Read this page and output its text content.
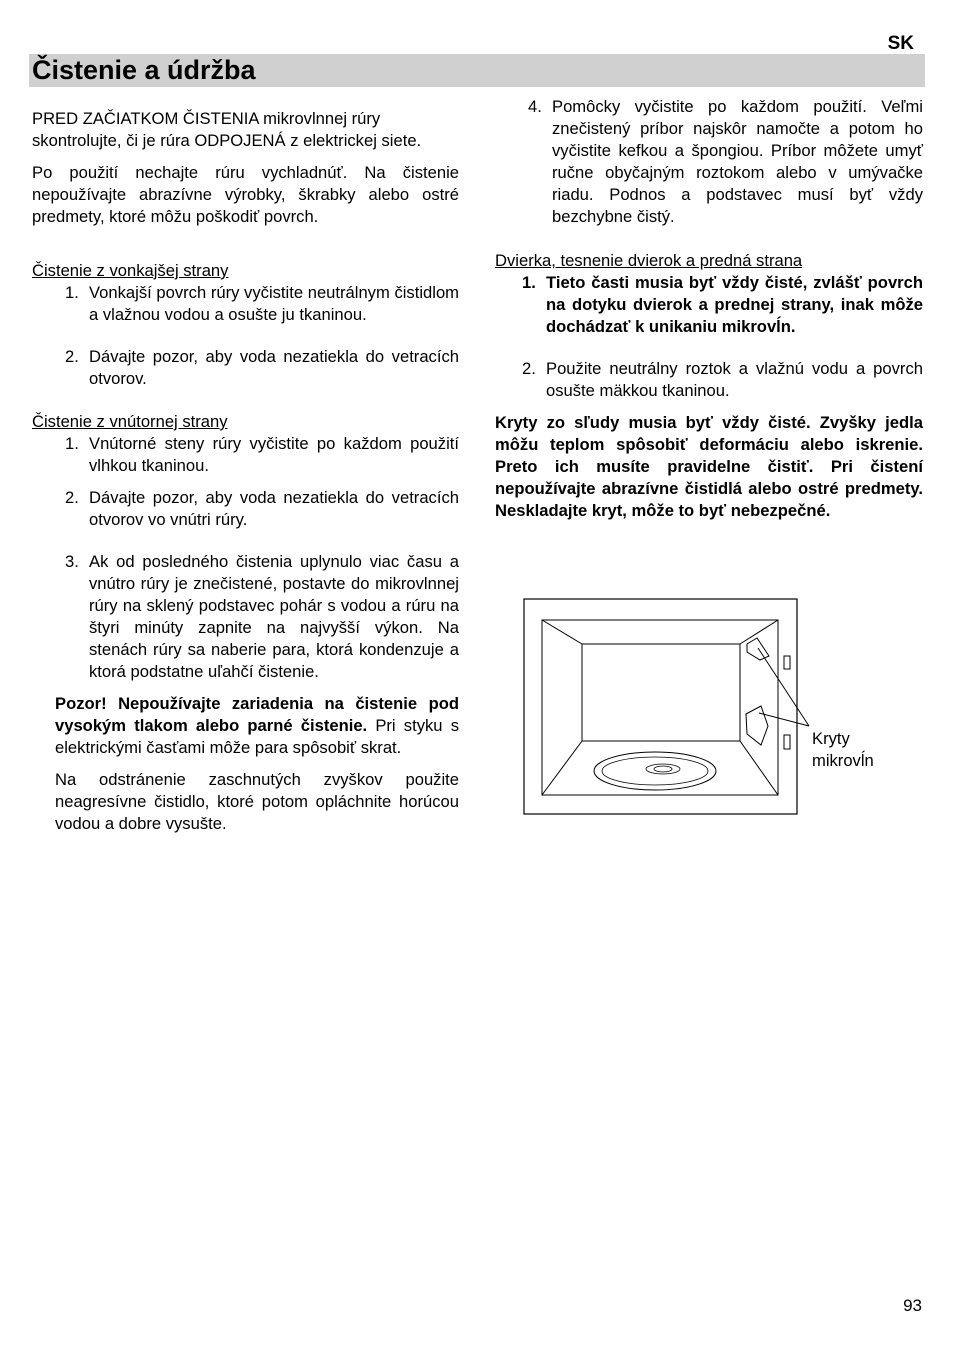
SK
Čistenie a údržba

PRED ZAČIATKOM ČISTENIA mikrovlnnej rúry skontrolujte, či je rúra ODPOJENÁ z elektrickej siete.

Po použití nechajte rúru vychladnúť. Na čistenie nepoužívajte abrazívne výrobky, škrabky alebo ostré predmety, ktoré môžu poškodiť povrch.

Čistenie z vonkajšej strany

1. Vonkajší povrch rúry vyčistite neutrálnym čistidlom a vlažnou vodou a osušte ju tkaninou.
2. Dávajte pozor, aby voda nezatiekla do vetracích otvorov.

Čistenie z vnútornej strany

1. Vnútorné steny rúry vyčistite po každom použití vlhkou tkaninou.
2. Dávajte pozor, aby voda nezatiekla do vetracích otvorov vo vnútri rúry.
3. Ak od posledného čistenia uplynulo viac času a vnútro rúry je znečistené, postavte do mikrovlnnej rúry na sklený podstavec pohár s vodou a rúru na štyri minúty zapnite na najvyšší výkon. Na stenách rúry sa naberie para, ktorá kondenzuje a ktorá podstatne uľahčí čistenie.

Pozor! Nepoužívajte zariadenia na čistenie pod vysokým tlakom alebo parné čistenie. Pri styku s elektrickými časťami môže para spôsobiť skrat.

Na odstránenie zaschnutých zvyškov použite neagresívne čistidlo, ktoré potom opláchnite horúcou vodou a dobre vysušte.

4. Pomôcky vyčistite po každom použití. Veľmi znečistený príbor najskôr namočte a potom ho vyčistite kefkou a špongiou. Príbor môžete umyť ručne obyčajným roztokom alebo v umývačke riadu. Podnos a podstavec musí byť vždy bezchybne čistý.

Dvierka, tesnenie dvierok a predná strana

1. Tieto časti musia byť vždy čisté, zvlášť povrch na dotyku dvierok a prednej strany, inak môže dochádzať k unikaniu mikrovĺn.
2. Použite neutrálny roztok a vlažnú vodu a povrch osušte mäkkou tkaninou.

Kryty zo sľudy musia byť vždy čisté. Zvyšky jedla môžu teplom spôsobiť deformáciu alebo iskrenie. Preto ich musíte pravidelne čistiť. Pri čistení nepoužívajte abrazívne čistidlá alebo ostré predmety. Neskladajte kryt, môže to byť nebezpečné.

Kryty
mikrovĺn
93
